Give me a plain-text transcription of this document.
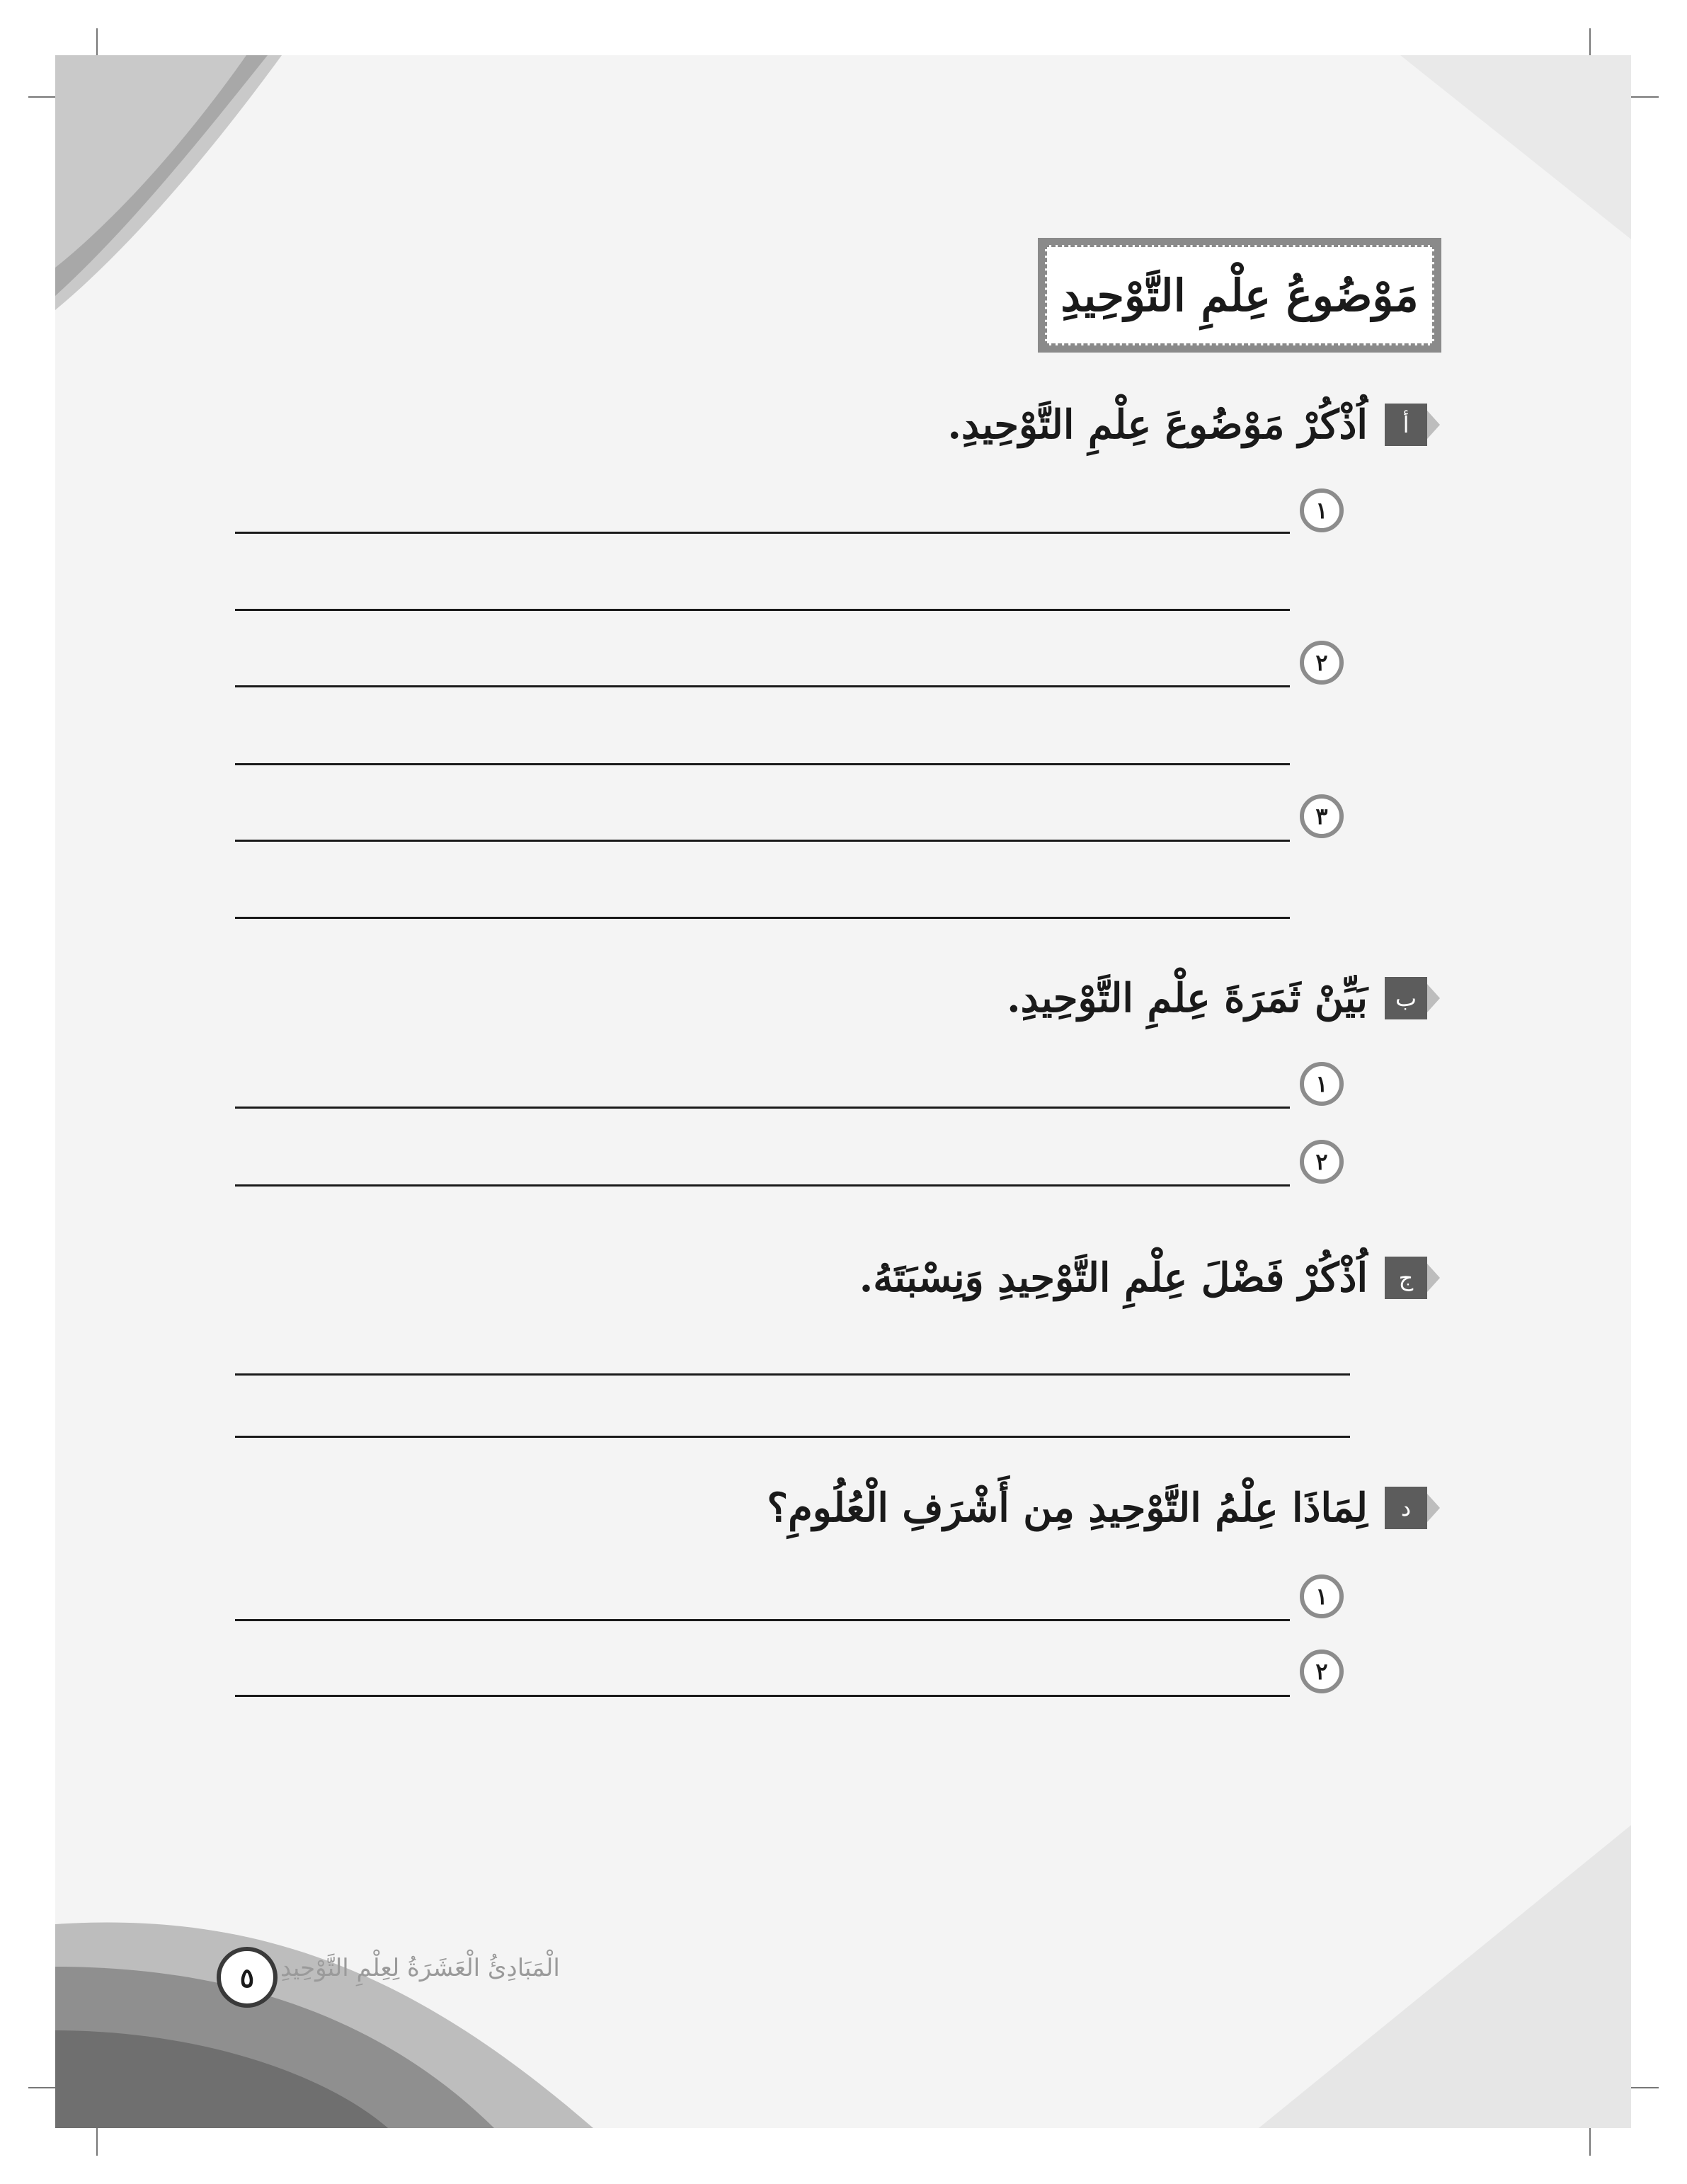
مَوْضُوعُ عِلْمِ التَّوْحِيدِ
أ
اُذْكُرْ مَوْضُوعَ عِلْمِ التَّوْحِيدِ.
١
٢
٣
ب
بَيِّنْ ثَمَرَةَ عِلْمِ التَّوْحِيدِ.
١
٢
ج
اُذْكُرْ فَضْلَ عِلْمِ التَّوْحِيدِ وَنِسْبَتَهُ.
د
لِمَاذَا عِلْمُ التَّوْحِيدِ مِن أَشْرَفِ الْعُلُومِ؟
١
٢
٥	الْمَبَادِئُ الْعَشَرَةُ لِعِلْمِ التَّوْحِيدِ
